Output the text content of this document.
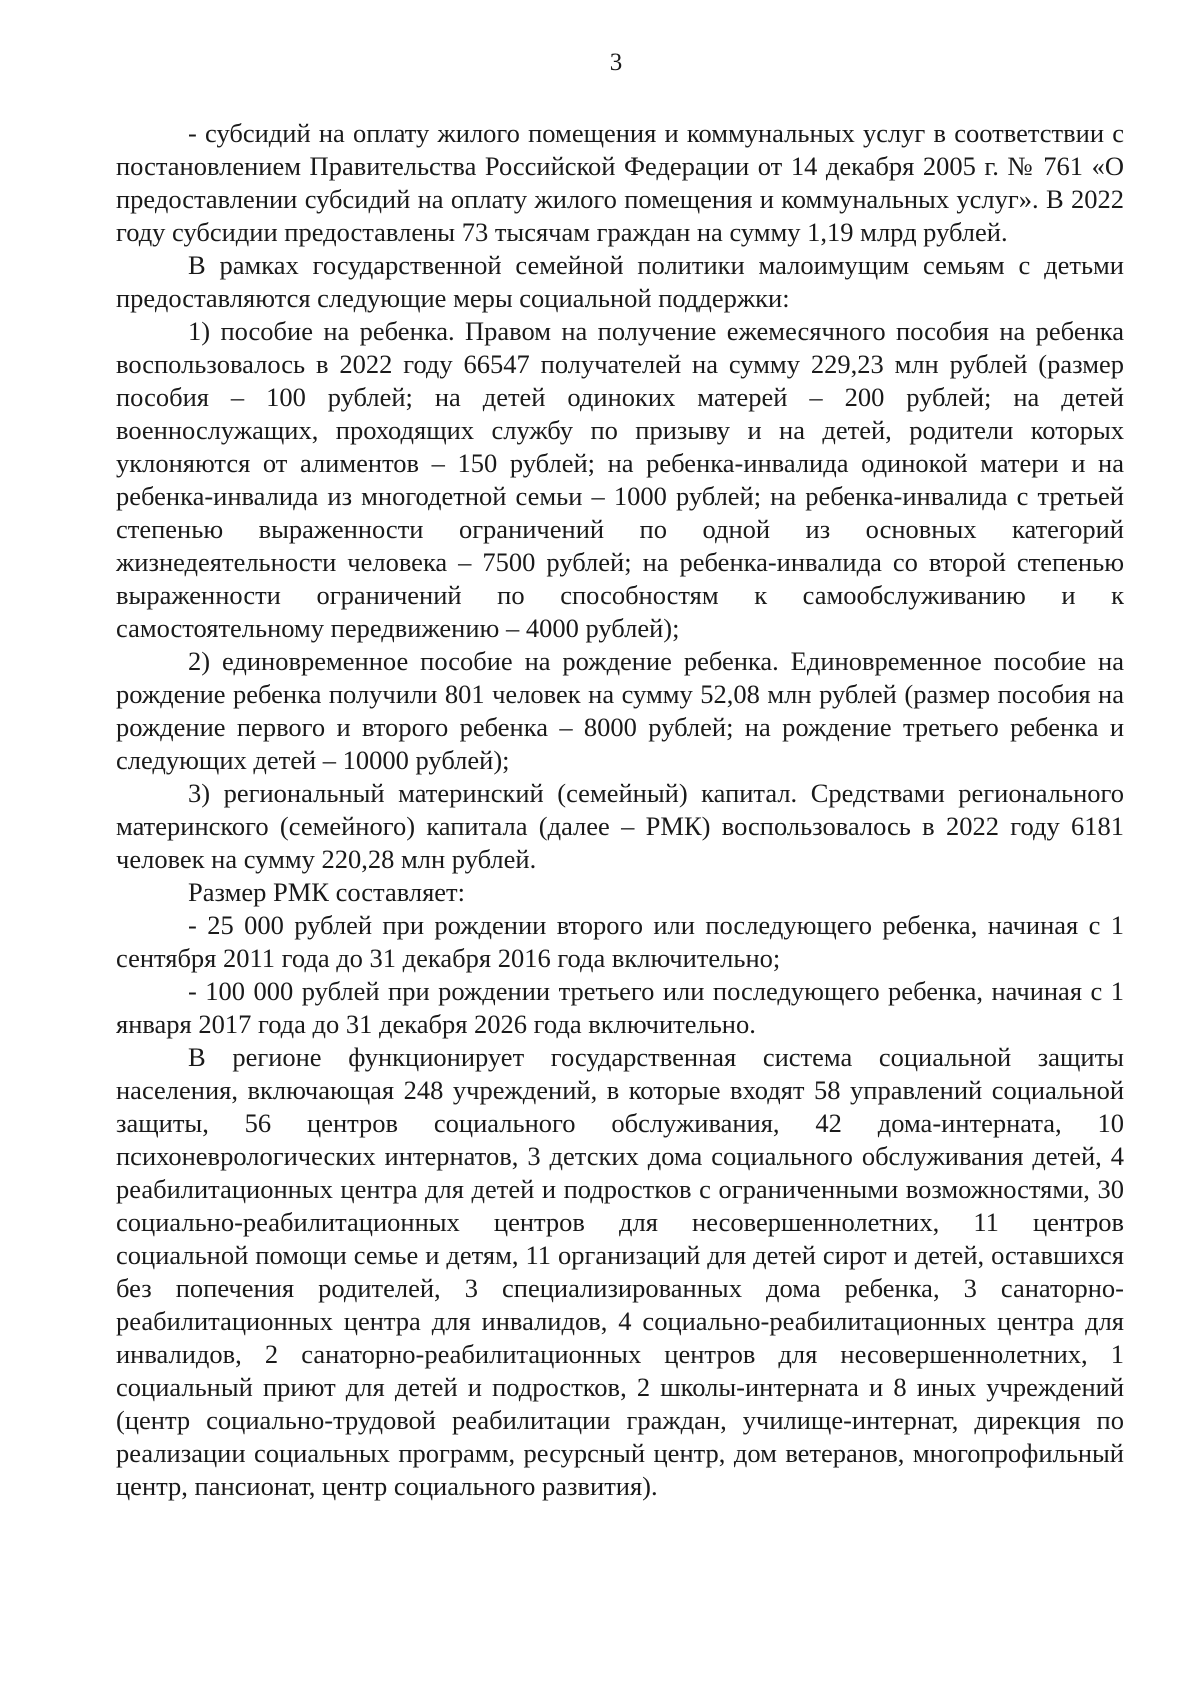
3

- субсидий на оплату жилого помещения и коммунальных услуг в соответствии с постановлением Правительства Российской Федерации от 14 декабря 2005 г. № 761 «О предоставлении субсидий на оплату жилого помещения и коммунальных услуг». В 2022 году субсидии предоставлены 73 тысячам граждан на сумму 1,19 млрд рублей.

В рамках государственной семейной политики малоимущим семьям с детьми предоставляются следующие меры социальной поддержки:

1) пособие на ребенка. Правом на получение ежемесячного пособия на ребенка воспользовалось в 2022 году 66547 получателей на сумму 229,23 млн рублей (размер пособия – 100 рублей; на детей одиноких матерей – 200 рублей; на детей военнослужащих, проходящих службу по призыву и на детей, родители которых уклоняются от алиментов – 150 рублей; на ребенка-инвалида одинокой матери и на ребенка-инвалида из многодетной семьи – 1000 рублей; на ребенка-инвалида с третьей степенью выраженности ограничений по одной из основных категорий жизнедеятельности человека – 7500 рублей; на ребенка-инвалида со второй степенью выраженности ограничений по способностям к самообслуживанию и к самостоятельному передвижению – 4000 рублей);

2) единовременное пособие на рождение ребенка. Единовременное пособие на рождение ребенка получили 801 человек на сумму 52,08 млн рублей (размер пособия на рождение первого и второго ребенка – 8000 рублей; на рождение третьего ребенка и следующих детей – 10000 рублей);

3) региональный материнский (семейный) капитал. Средствами регионального материнского (семейного) капитала (далее – РМК) воспользовалось в 2022 году 6181 человек на сумму 220,28 млн рублей.

Размер РМК составляет:

- 25 000 рублей при рождении второго или последующего ребенка, начиная с 1 сентября 2011 года до 31 декабря 2016 года включительно;

- 100 000 рублей при рождении третьего или последующего ребенка, начиная с 1 января 2017 года до 31 декабря 2026 года включительно.

В регионе функционирует государственная система социальной защиты населения, включающая 248 учреждений, в которые входят 58 управлений социальной защиты, 56 центров социального обслуживания, 42 дома-интерната, 10 психоневрологических интернатов, 3 детских дома социального обслуживания детей, 4 реабилитационных центра для детей и подростков с ограниченными возможностями, 30 социально-реабилитационных центров для несовершеннолетних, 11 центров социальной помощи семье и детям, 11 организаций для детей сирот и детей, оставшихся без попечения родителей, 3 специализированных дома ребенка, 3 санаторно-реабилитационных центра для инвалидов, 4 социально-реабилитационных центра для инвалидов, 2 санаторно-реабилитационных центров для несовершеннолетних, 1 социальный приют для детей и подростков, 2 школы-интерната и 8 иных учреждений (центр социально-трудовой реабилитации граждан, училище-интернат, дирекция по реализации социальных программ, ресурсный центр, дом ветеранов, многопрофильный центр, пансионат, центр социального развития).
